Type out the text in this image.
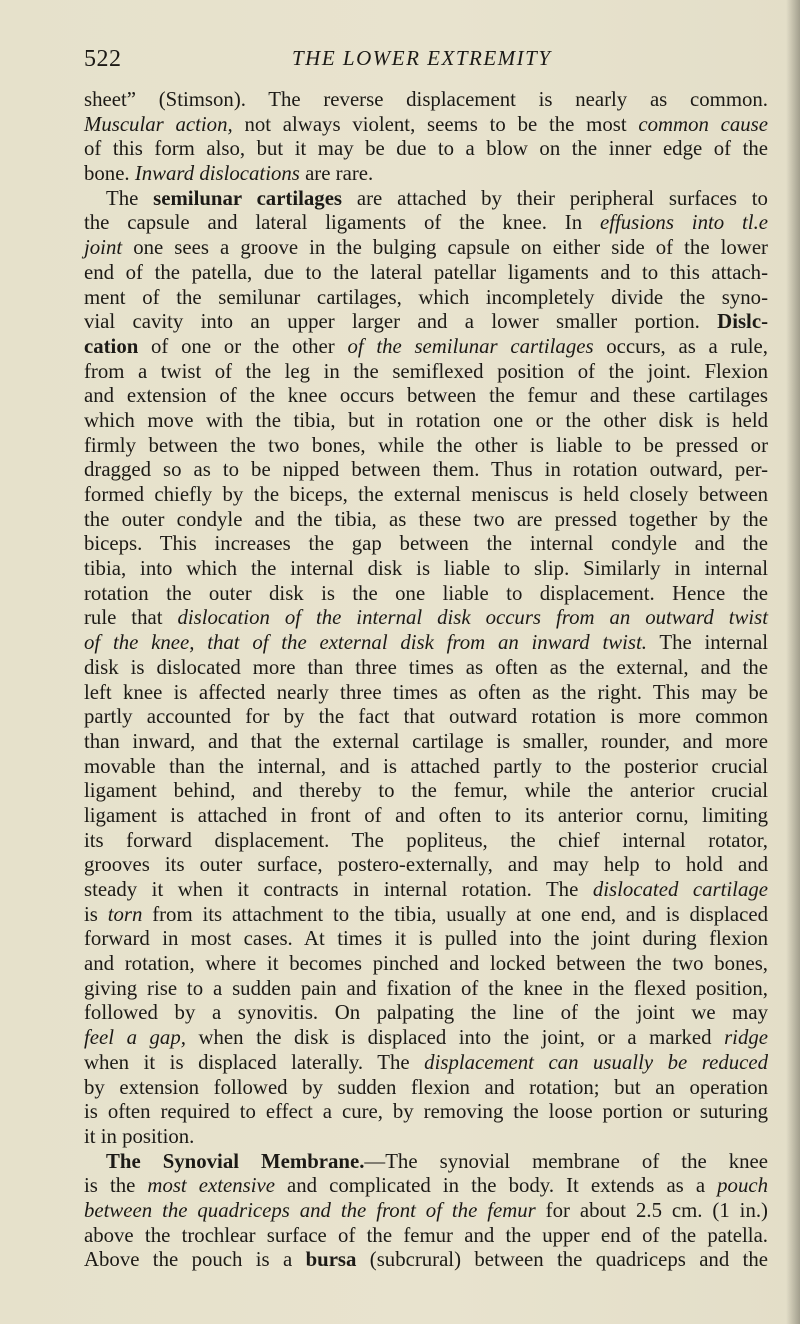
522	THE LOWER EXTREMITY
sheet” (Stimson). The reverse displacement is nearly as common.
Muscular action, not always violent, seems to be the most common cause
of this form also, but it may be due to a blow on the inner edge of the
bone. Inward dislocations are rare.
The semilunar cartilages are attached by their peripheral surfaces to
the capsule and lateral ligaments of the knee. In effusions into tl.e
joint one sees a groove in the bulging capsule on either side of the lower
end of the patella, due to the lateral patellar ligaments and to this attach-
ment of the semilunar cartilages, which incompletely divide the syno-
vial cavity into an upper larger and a lower smaller portion. Dislc-
cation of one or the other of the semilunar cartilages occurs, as a rule,
from a twist of the leg in the semiflexed position of the joint. Flexion
and extension of the knee occurs between the femur and these cartilages
which move with the tibia, but in rotation one or the other disk is held
firmly between the two bones, while the other is liable to be pressed or
dragged so as to be nipped between them. Thus in rotation outward, per-
formed chiefly by the biceps, the external meniscus is held closely between
the outer condyle and the tibia, as these two are pressed together by the
biceps. This increases the gap between the internal condyle and the
tibia, into which the internal disk is liable to slip. Similarly in internal
rotation the outer disk is the one liable to displacement. Hence the
rule that dislocation of the internal disk occurs from an outward twist
of the knee, that of the external disk from an inward twist. The internal
disk is dislocated more than three times as often as the external, and the
left knee is affected nearly three times as often as the right. This may be
partly accounted for by the fact that outward rotation is more common
than inward, and that the external cartilage is smaller, rounder, and more
movable than the internal, and is attached partly to the posterior crucial
ligament behind, and thereby to the femur, while the anterior crucial
ligament is attached in front of and often to its anterior cornu, limiting
its forward displacement. The popliteus, the chief internal rotator,
grooves its outer surface, postero-externally, and may help to hold and
steady it when it contracts in internal rotation. The dislocated cartilage
is torn from its attachment to the tibia, usually at one end, and is displaced
forward in most cases. At times it is pulled into the joint during flexion
and rotation, where it becomes pinched and locked between the two bones,
giving rise to a sudden pain and fixation of the knee in the flexed position,
followed by a synovitis. On palpating the line of the joint we may
feel a gap, when the disk is displaced into the joint, or a marked ridge
when it is displaced laterally. The displacement can usually be reduced
by extension followed by sudden flexion and rotation; but an operation
is often required to effect a cure, by removing the loose portion or suturing
it in position.
The Synovial Membrane.—The synovial membrane of the knee
is the most extensive and complicated in the body. It extends as a pouch
between the quadriceps and the front of the femur for about 2.5 cm. (1 in.)
above the trochlear surface of the femur and the upper end of the patella.
Above the pouch is a bursa (subcrural) between the quadriceps and the
